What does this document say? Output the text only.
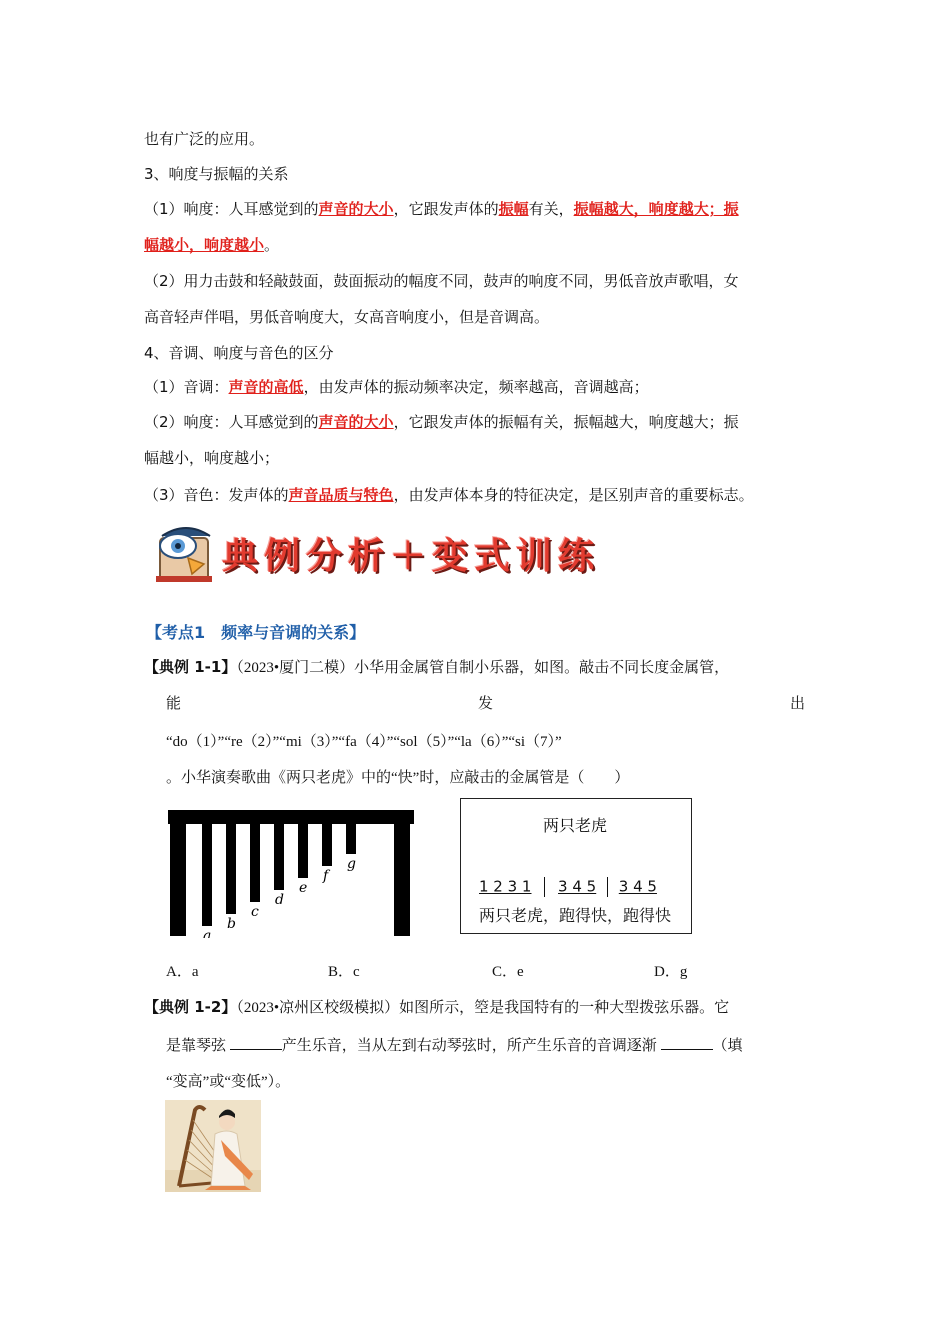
也有广泛的应用。
3、响度与振幅的关系
（1）响度：人耳感觉到的声音的大小，它跟发声体的振幅有关，振幅越大，响度越大；振
幅越小，响度越小。
（2）用力击鼓和轻敲鼓面，鼓面振动的幅度不同，鼓声的响度不同，男低音放声歌唱，女
高音轻声伴唱，男低音响度大，女高音响度小，但是音调高。
4、音调、响度与音色的区分
（1）音调：声音的高低，由发声体的振动频率决定，频率越高，音调越高；
（2）响度：人耳感觉到的声音的大小，它跟发声体的振幅有关，振幅越大，响度越大；振
幅越小，响度越小；
（3）音色：发声体的声音品质与特色，由发声体本身的特征决定，是区别声音的重要标志。
典例分析＋变式训练
【考点1　频率与音调的关系】
【典例 1-1】（2023•厦门二模）小华用金属管自制小乐器，如图。敲击不同长度金属管，
能	发	出
“do（1）”“re（2）”“mi（3）”“fa（4）”“sol（5）”“la（6）”“si（7）”
。小华演奏歌曲《两只老虎》中的“快”时，应敲击的金属管是（　　）
a
b
c
d
e
f
g
两只老虎
1 2 3 1 3 4 5 3 4 5
两只老虎，跑得快，跑得快
A．a	B．c	C．e	D．g
【典例 1-2】（2023•凉州区校级模拟）如图所示，箜是我国特有的一种大型拨弦乐器。它
是靠琴弦	产生乐音，当从左到右动琴弦时，所产生乐音的音调逐渐	（填
“变高”或“变低”）。
